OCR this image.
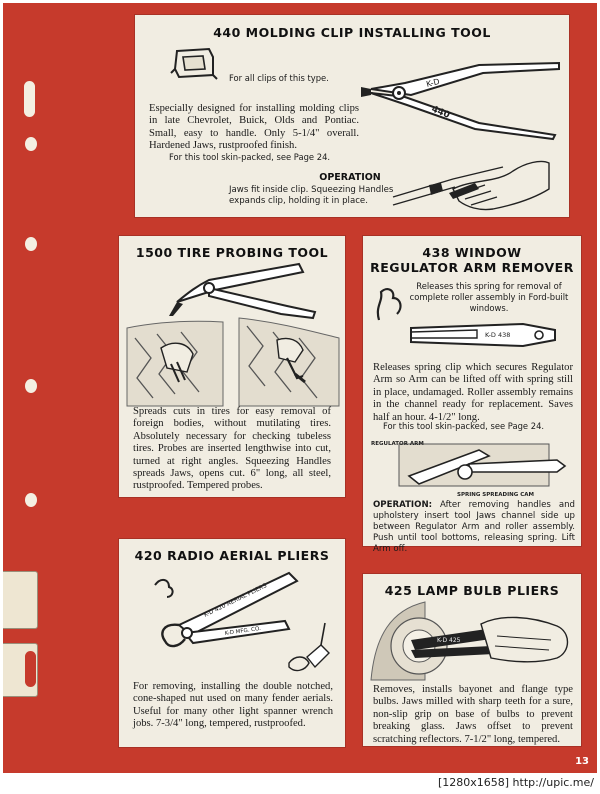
440 MOLDING CLIP INSTALLING TOOL

For all clips of this type.	K-D
440

Especially designed for installing molding clips in late Chevrolet, Buick, Olds and Pontiac. Small, easy to handle. Only 5-1/4" overall. Hardened Jaws, rustproofed finish.

For this tool skin-packed, see Page 24.

OPERATION

Jaws fit inside clip. Squeezing Handles expands clip, holding it in place.

1500 TIRE PROBING TOOL

Spreads cuts in tires for easy removal of foreign bodies, without mutilating tires. Absolutely necessary for checking tubeless tires. Probes are inserted lengthwise into cut, turned at right angles. Squeezing Handles spreads Jaws, opens cut. 6" long, all steel, rustproofed. Tempered probes.

438 WINDOW
REGULATOR ARM REMOVER

Releases this spring for removal of complete roller assembly in Ford-built windows.

K-D 438

Releases spring clip which secures Regulator Arm so Arm can be lifted off with spring still in place, undamaged. Roller assembly remains in the channel ready for replacement. Saves half an hour. 4-1/2" long.

For this tool skin-packed, see Page 24.

REGULATOR ARM
SPRING SPREADING CAM

OPERATION: After removing handles and upholstery insert tool Jaws channel side up between Regulator Arm and roller assembly. Push until tool bottoms, releasing spring. Lift Arm off.

420 RADIO AERIAL PLIERS
K-D 420 AERIAL PLIERS
K-D MFG. CO.

For removing, installing the double notched, cone-shaped nut used on many fender aerials. Useful for many other light spanner wrench jobs. 7-3/4" long, tempered, rustproofed.

425 LAMP BULB PLIERS
K-D 425

Removes, installs bayonet and flange type bulbs. Jaws milled with sharp teeth for a sure, non-slip grip on base of bulbs to prevent breaking glass. Jaws offset to prevent scratching reflectors. 7-1/2" long, tempered.

13
[1280x1658] http://upic.me/
